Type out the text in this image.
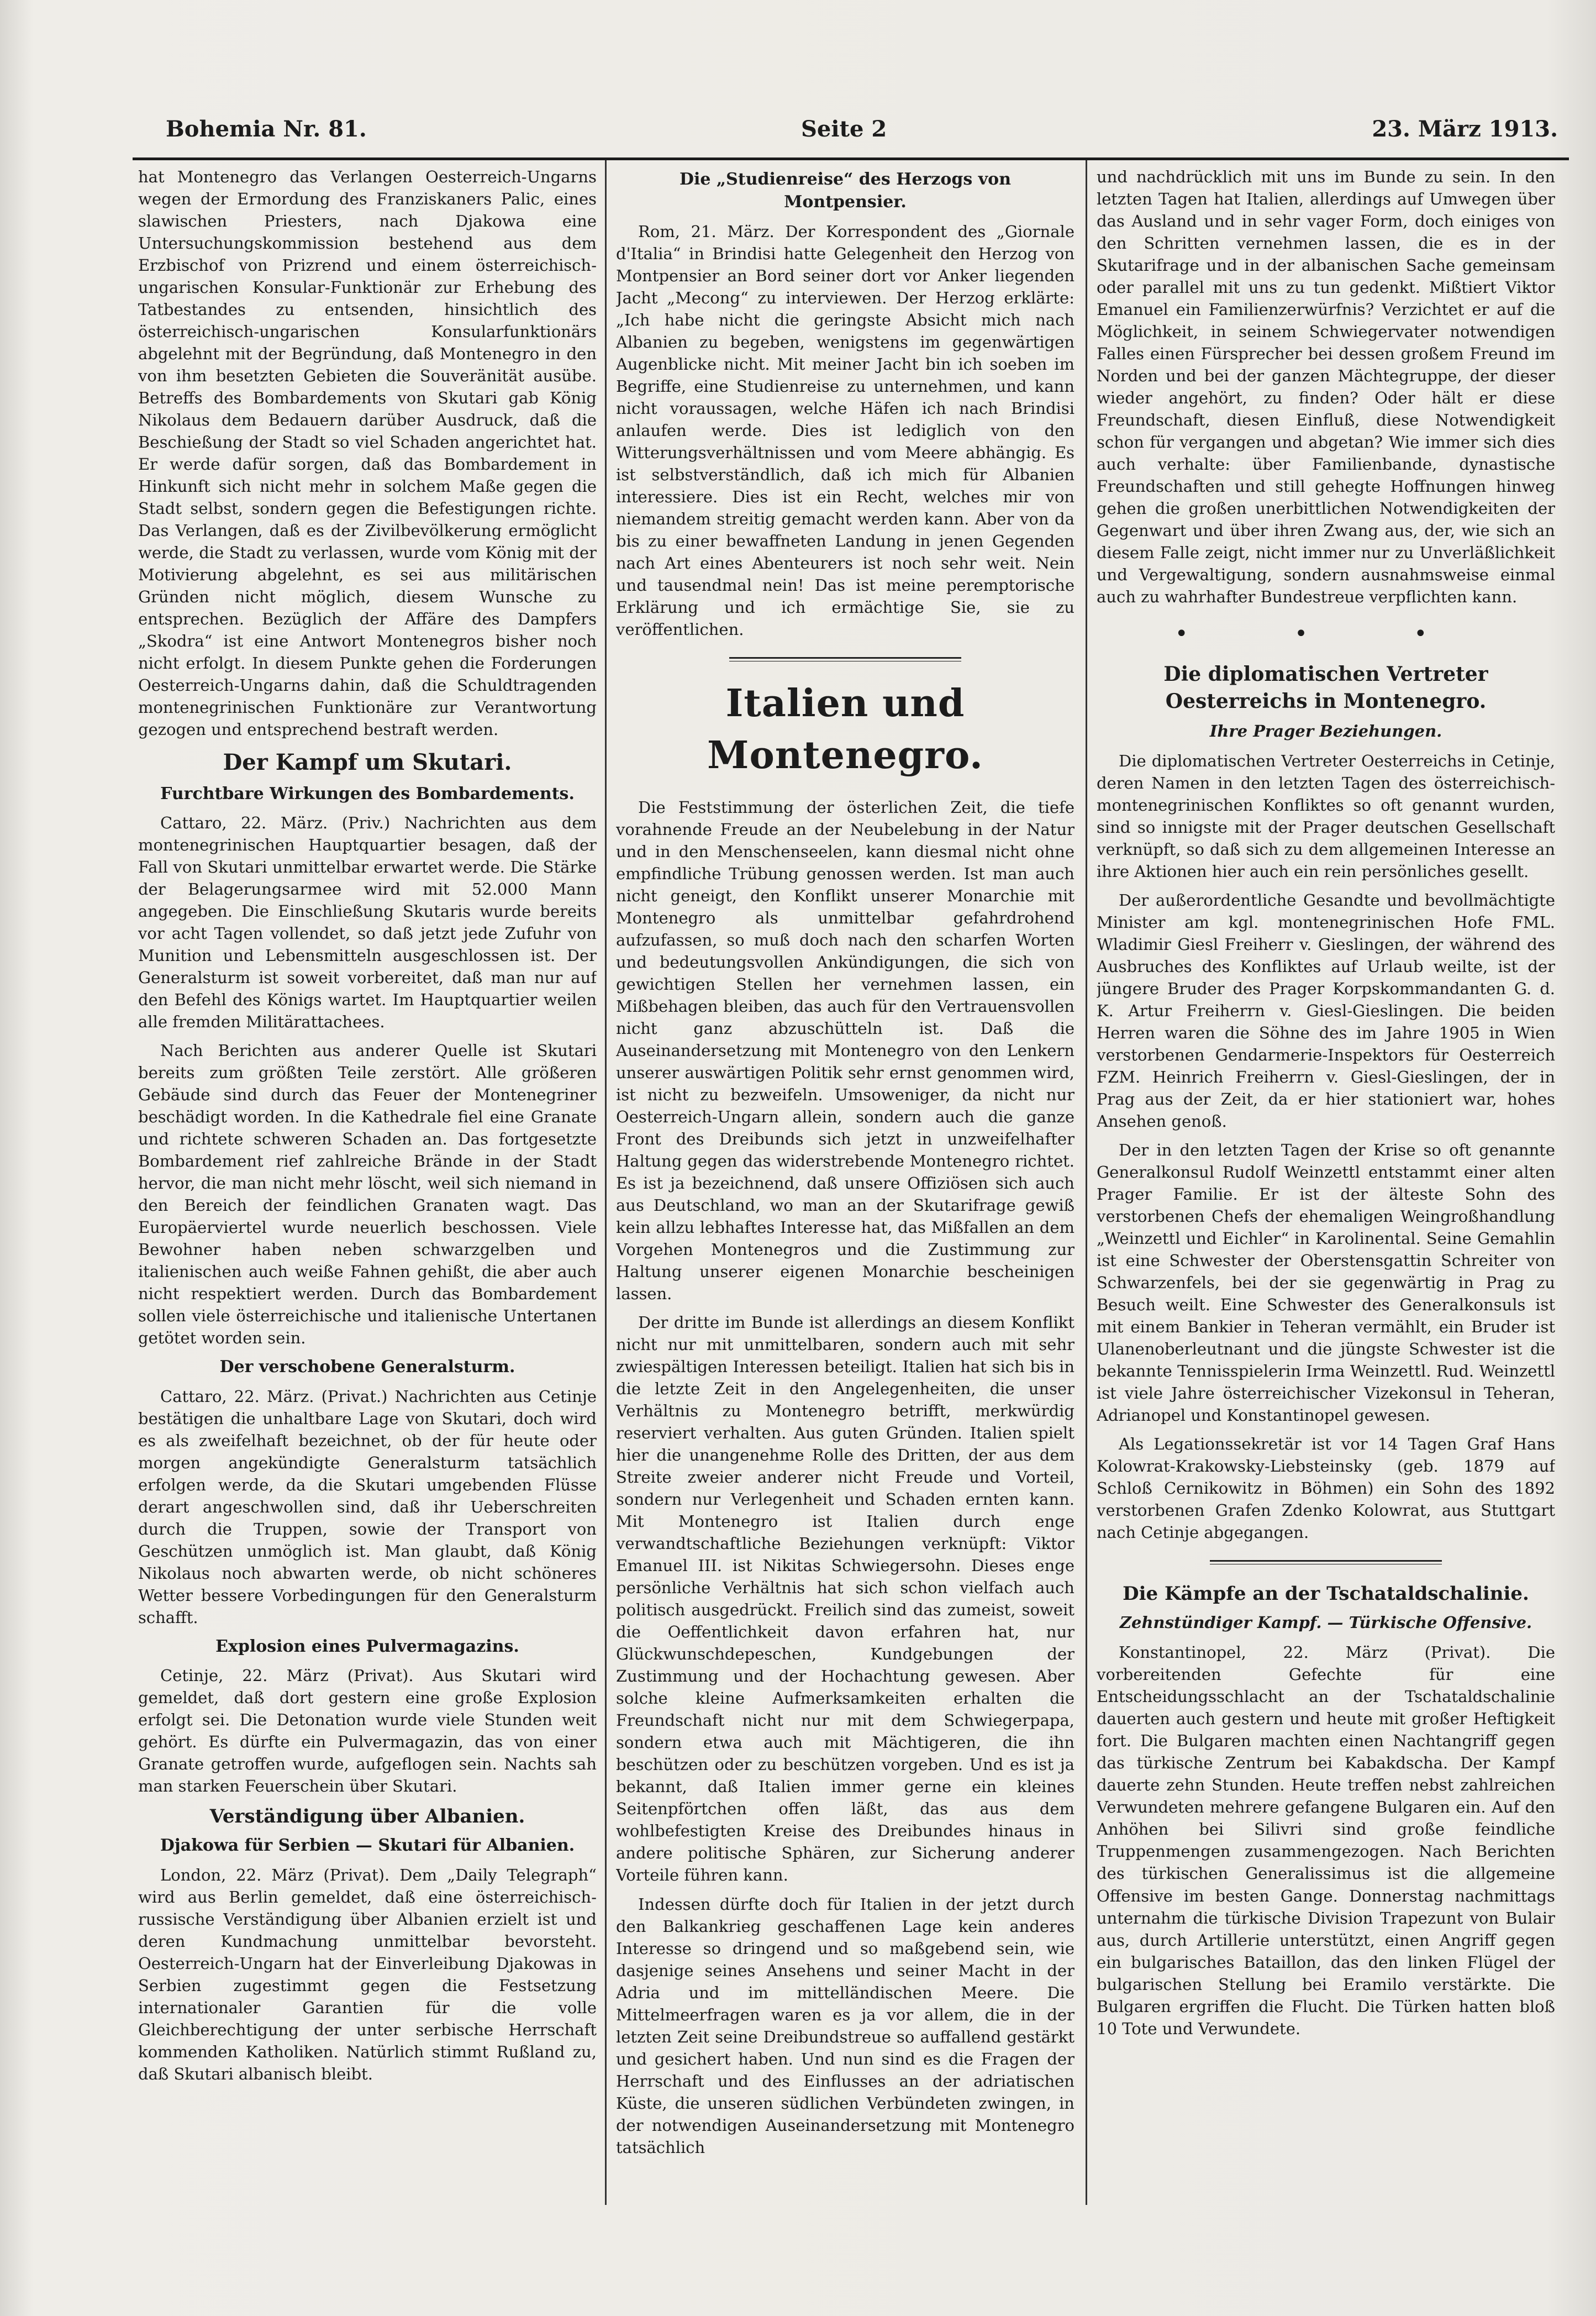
Bohemia Nr. 81.	Seite 2	23. März 1913.

hat Montenegro das Verlangen Oesterreich-Ungarns wegen der Ermordung des Franziskaners Palic, eines slawischen Priesters, nach Djakowa eine Untersuchungskommission bestehend aus dem Erzbischof von Prizrend und einem österreichisch-ungarischen Konsular-Funktionär zur Erhebung des Tatbestandes zu entsenden, hinsichtlich des österreichisch-ungarischen Konsularfunktionärs abgelehnt mit der Begründung, daß Montenegro in den von ihm besetzten Gebieten die Souveränität ausübe. Betreffs des Bombardements von Skutari gab König Nikolaus dem Bedauern darüber Ausdruck, daß die Beschießung der Stadt so viel Schaden angerichtet hat. Er werde dafür sorgen, daß das Bombardement in Hinkunft sich nicht mehr in solchem Maße gegen die Stadt selbst, sondern gegen die Befestigungen richte. Das Verlangen, daß es der Zivilbevölkerung ermöglicht werde, die Stadt zu verlassen, wurde vom König mit der Motivierung abgelehnt, es sei aus militärischen Gründen nicht möglich, diesem Wunsche zu entsprechen. Bezüglich der Affäre des Dampfers „Skodra“ ist eine Antwort Montenegros bisher noch nicht erfolgt. In diesem Punkte gehen die Forderungen Oesterreich-Ungarns dahin, daß die Schuldtragenden montenegrinischen Funktionäre zur Verantwortung gezogen und entsprechend bestraft werden.

Der Kampf um Skutari.
Furchtbare Wirkungen des Bombardements.

Cattaro, 22. März. (Priv.) Nachrichten aus dem montenegrinischen Hauptquartier besagen, daß der Fall von Skutari unmittelbar erwartet werde. Die Stärke der Belagerungsarmee wird mit 52.000 Mann angegeben. Die Einschließung Skutaris wurde bereits vor acht Tagen vollendet, so daß jetzt jede Zufuhr von Munition und Lebensmitteln ausgeschlossen ist. Der Generalsturm ist soweit vorbereitet, daß man nur auf den Befehl des Königs wartet. Im Hauptquartier weilen alle fremden Militärattachees.

Nach Berichten aus anderer Quelle ist Skutari bereits zum größten Teile zerstört. Alle größeren Gebäude sind durch das Feuer der Montenegriner beschädigt worden. In die Kathedrale fiel eine Granate und richtete schweren Schaden an. Das fortgesetzte Bombardement rief zahlreiche Brände in der Stadt hervor, die man nicht mehr löscht, weil sich niemand in den Bereich der feindlichen Granaten wagt. Das Europäerviertel wurde neuerlich beschossen. Viele Bewohner haben neben schwarzgelben und italienischen auch weiße Fahnen gehißt, die aber auch nicht respektiert werden. Durch das Bombardement sollen viele österreichische und italienische Untertanen getötet worden sein.

Der verschobene Generalsturm.

Cattaro, 22. März. (Privat.) Nachrichten aus Cetinje bestätigen die unhaltbare Lage von Skutari, doch wird es als zweifelhaft bezeichnet, ob der für heute oder morgen angekündigte Generalsturm tatsächlich erfolgen werde, da die Skutari umgebenden Flüsse derart angeschwollen sind, daß ihr Ueberschreiten durch die Truppen, sowie der Transport von Geschützen unmöglich ist. Man glaubt, daß König Nikolaus noch abwarten werde, ob nicht schöneres Wetter bessere Vorbedingungen für den Generalsturm schafft.

Explosion eines Pulvermagazins.

Cetinje, 22. März (Privat). Aus Skutari wird gemeldet, daß dort gestern eine große Explosion erfolgt sei. Die Detonation wurde viele Stunden weit gehört. Es dürfte ein Pulvermagazin, das von einer Granate getroffen wurde, aufgeflogen sein. Nachts sah man starken Feuerschein über Skutari.

Verständigung über Albanien.
Djakowa für Serbien — Skutari für Albanien.

London, 22. März (Privat). Dem „Daily Telegraph“ wird aus Berlin gemeldet, daß eine österreichisch-russische Verständigung über Albanien erzielt ist und deren Kundmachung unmittelbar bevorsteht. Oesterreich-Ungarn hat der Einverleibung Djakowas in Serbien zugestimmt gegen die Festsetzung internationaler Garantien für die volle Gleichberechtigung der unter serbische Herrschaft kommenden Katholiken. Natürlich stimmt Rußland zu, daß Skutari albanisch bleibt.

Die „Studienreise“ des Herzogs von Montpensier.

Rom, 21. März. Der Korrespondent des „Giornale d'Italia“ in Brindisi hatte Gelegenheit den Herzog von Montpensier an Bord seiner dort vor Anker liegenden Jacht „Mecong“ zu interviewen. Der Herzog erklärte: „Ich habe nicht die geringste Absicht mich nach Albanien zu begeben, wenigstens im gegenwärtigen Augenblicke nicht. Mit meiner Jacht bin ich soeben im Begriffe, eine Studienreise zu unternehmen, und kann nicht voraussagen, welche Häfen ich nach Brindisi anlaufen werde. Dies ist lediglich von den Witterungsverhältnissen und vom Meere abhängig. Es ist selbstverständlich, daß ich mich für Albanien interessiere. Dies ist ein Recht, welches mir von niemandem streitig gemacht werden kann. Aber von da bis zu einer bewaffneten Landung in jenen Gegenden nach Art eines Abenteurers ist noch sehr weit. Nein und tausendmal nein! Das ist meine peremptorische Erklärung und ich ermächtige Sie, sie zu veröffentlichen.

Italien und Montenegro.

Die Feststimmung der österlichen Zeit, die tiefe vorahnende Freude an der Neubelebung in der Natur und in den Menschenseelen, kann diesmal nicht ohne empfindliche Trübung genossen werden. Ist man auch nicht geneigt, den Konflikt unserer Monarchie mit Montenegro als unmittelbar gefahrdrohend aufzufassen, so muß doch nach den scharfen Worten und bedeutungsvollen Ankündigungen, die sich von gewichtigen Stellen her vernehmen lassen, ein Mißbehagen bleiben, das auch für den Vertrauensvollen nicht ganz abzuschütteln ist. Daß die Auseinandersetzung mit Montenegro von den Lenkern unserer auswärtigen Politik sehr ernst genommen wird, ist nicht zu bezweifeln. Umsoweniger, da nicht nur Oesterreich-Ungarn allein, sondern auch die ganze Front des Dreibunds sich jetzt in unzweifelhafter Haltung gegen das widerstrebende Montenegro richtet. Es ist ja bezeichnend, daß unsere Offiziösen sich auch aus Deutschland, wo man an der Skutarifrage gewiß kein allzu lebhaftes Interesse hat, das Mißfallen an dem Vorgehen Montenegros und die Zustimmung zur Haltung unserer eigenen Monarchie bescheinigen lassen.

Der dritte im Bunde ist allerdings an diesem Konflikt nicht nur mit unmittelbaren, sondern auch mit sehr zwiespältigen Interessen beteiligt. Italien hat sich bis in die letzte Zeit in den Angelegenheiten, die unser Verhältnis zu Montenegro betrifft, merkwürdig reserviert verhalten. Aus guten Gründen. Italien spielt hier die unangenehme Rolle des Dritten, der aus dem Streite zweier anderer nicht Freude und Vorteil, sondern nur Verlegenheit und Schaden ernten kann. Mit Montenegro ist Italien durch enge verwandtschaftliche Beziehungen verknüpft: Viktor Emanuel III. ist Nikitas Schwiegersohn. Dieses enge persönliche Verhältnis hat sich schon vielfach auch politisch ausgedrückt. Freilich sind das zumeist, soweit die Oeffentlichkeit davon erfahren hat, nur Glückwunschdepeschen, Kundgebungen der Zustimmung und der Hochachtung gewesen. Aber solche kleine Aufmerksamkeiten erhalten die Freundschaft nicht nur mit dem Schwiegerpapa, sondern etwa auch mit Mächtigeren, die ihn beschützen oder zu beschützen vorgeben. Und es ist ja bekannt, daß Italien immer gerne ein kleines Seitenpförtchen offen läßt, das aus dem wohlbefestigten Kreise des Dreibundes hinaus in andere politische Sphären, zur Sicherung anderer Vorteile führen kann.

Indessen dürfte doch für Italien in der jetzt durch den Balkankrieg geschaffenen Lage kein anderes Interesse so dringend und so maßgebend sein, wie dasjenige seines Ansehens und seiner Macht in der Adria und im mittelländischen Meere. Die Mittelmeerfragen waren es ja vor allem, die in der letzten Zeit seine Dreibundstreue so auffallend gestärkt und gesichert haben. Und nun sind es die Fragen der Herrschaft und des Einflusses an der adriatischen Küste, die unseren südlichen Verbündeten zwingen, in der notwendigen Auseinandersetzung mit Montenegro tatsächlich

und nachdrücklich mit uns im Bunde zu sein. In den letzten Tagen hat Italien, allerdings auf Umwegen über das Ausland und in sehr vager Form, doch einiges von den Schritten vernehmen lassen, die es in der Skutarifrage und in der albanischen Sache gemeinsam oder parallel mit uns zu tun gedenkt. Mißtiert Viktor Emanuel ein Familienzerwürfnis? Verzichtet er auf die Möglichkeit, in seinem Schwiegervater notwendigen Falles einen Fürsprecher bei dessen großem Freund im Norden und bei der ganzen Mächtegruppe, der dieser wieder angehört, zu finden? Oder hält er diese Freundschaft, diesen Einfluß, diese Notwendigkeit schon für vergangen und abgetan? Wie immer sich dies auch verhalte: über Familienbande, dynastische Freundschaften und still gehegte Hoffnungen hinweg gehen die großen unerbittlichen Notwendigkeiten der Gegenwart und über ihren Zwang aus, der, wie sich an diesem Falle zeigt, nicht immer nur zu Unverläßlichkeit und Vergewaltigung, sondern ausnahmsweise einmal auch zu wahrhafter Bundestreue verpflichten kann.

• • •
Die diplomatischen Vertreter Oesterreichs in Montenegro.
Ihre Prager Beziehungen.

Die diplomatischen Vertreter Oesterreichs in Cetinje, deren Namen in den letzten Tagen des österreichisch-montenegrinischen Konfliktes so oft genannt wurden, sind so innigste mit der Prager deutschen Gesellschaft verknüpft, so daß sich zu dem allgemeinen Interesse an ihre Aktionen hier auch ein rein persönliches gesellt.

Der außerordentliche Gesandte und bevollmächtigte Minister am kgl. montenegrinischen Hofe FML. Wladimir Giesl Freiherr v. Gieslingen, der während des Ausbruches des Konfliktes auf Urlaub weilte, ist der jüngere Bruder des Prager Korpskommandanten G. d. K. Artur Freiherrn v. Giesl-Gieslingen. Die beiden Herren waren die Söhne des im Jahre 1905 in Wien verstorbenen Gendarmerie-Inspektors für Oesterreich FZM. Heinrich Freiherrn v. Giesl-Gieslingen, der in Prag aus der Zeit, da er hier stationiert war, hohes Ansehen genoß.

Der in den letzten Tagen der Krise so oft genannte Generalkonsul Rudolf Weinzettl entstammt einer alten Prager Familie. Er ist der älteste Sohn des verstorbenen Chefs der ehemaligen Weingroßhandlung „Weinzettl und Eichler“ in Karolinental. Seine Gemahlin ist eine Schwester der Oberstensgattin Schreiter von Schwarzenfels, bei der sie gegenwärtig in Prag zu Besuch weilt. Eine Schwester des Generalkonsuls ist mit einem Bankier in Teheran vermählt, ein Bruder ist Ulanenoberleutnant und die jüngste Schwester ist die bekannte Tennisspielerin Irma Weinzettl. Rud. Weinzettl ist viele Jahre österreichischer Vizekonsul in Teheran, Adrianopel und Konstantinopel gewesen.

Als Legationssekretär ist vor 14 Tagen Graf Hans Kolowrat-Krakowsky-Liebsteinsky (geb. 1879 auf Schloß Cernikowitz in Böhmen) ein Sohn des 1892 verstorbenen Grafen Zdenko Kolowrat, aus Stuttgart nach Cetinje abgegangen.

Die Kämpfe an der Tschataldschalinie.
Zehnstündiger Kampf. — Türkische Offensive.

Konstantinopel, 22. März (Privat). Die vorbereitenden Gefechte für eine Entscheidungsschlacht an der Tschataldschalinie dauerten auch gestern und heute mit großer Heftigkeit fort. Die Bulgaren machten einen Nachtangriff gegen das türkische Zentrum bei Kabakdscha. Der Kampf dauerte zehn Stunden. Heute treffen nebst zahlreichen Verwundeten mehrere gefangene Bulgaren ein. Auf den Anhöhen bei Silivri sind große feindliche Truppenmengen zusammengezogen. Nach Berichten des türkischen Generalissimus ist die allgemeine Offensive im besten Gange. Donnerstag nachmittags unternahm die türkische Division Trapezunt von Bulair aus, durch Artillerie unterstützt, einen Angriff gegen ein bulgarisches Bataillon, das den linken Flügel der bulgarischen Stellung bei Eramilo verstärkte. Die Bulgaren ergriffen die Flucht. Die Türken hatten bloß 10 Tote und Verwundete.
